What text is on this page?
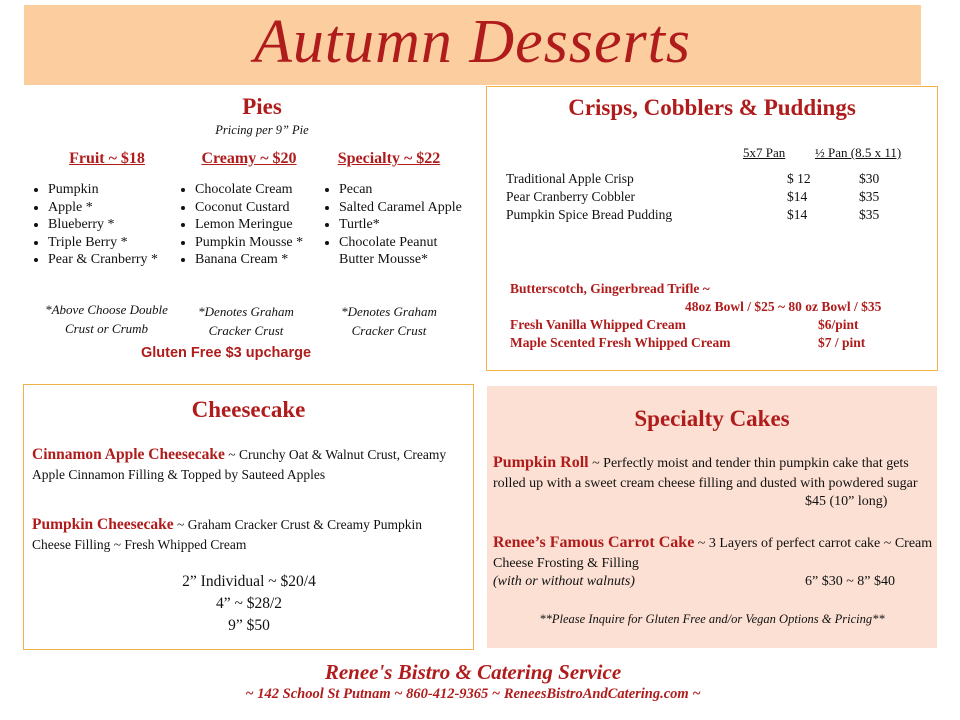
Autumn Desserts
Pies
Pricing per 9” Pie
Fruit ~ $18
• Pumpkin
• Apple *
• Blueberry *
• Triple Berry *
• Pear & Cranberry *
Creamy ~ $20
• Chocolate Cream
• Coconut Custard
• Lemon Meringue
• Pumpkin Mousse *
• Banana Cream *
Specialty ~ $22
• Pecan
• Salted Caramel Apple
• Turtle*
• Chocolate Peanut Butter Mousse*
*Above Choose Double Crust or Crumb
*Denotes Graham Cracker Crust
*Denotes Graham Cracker Crust
Gluten Free $3 upcharge
Crisps, Cobblers & Puddings
5x7 Pan ½ Pan (8.5 x 11)
Traditional Apple Crisp	$ 12	$30
Pear Cranberry Cobbler	$14	$35
Pumpkin Spice Bread Pudding	$14	$35
Butterscotch, Gingerbread Trifle ~
48oz Bowl / $25 ~ 80 oz Bowl / $35
Fresh Vanilla Whipped Cream	$6/pint
Maple Scented Fresh Whipped Cream	$7 / pint
Cheesecake
Cinnamon Apple Cheesecake ~ Crunchy Oat & Walnut Crust, Creamy Apple Cinnamon Filling & Topped by Sauteed Apples
Pumpkin Cheesecake ~ Graham Cracker Crust & Creamy Pumpkin Cheese Filling ~ Fresh Whipped Cream
2” Individual ~ $20/4
4” ~ $28/2
9” $50
Specialty Cakes
Pumpkin Roll ~ Perfectly moist and tender thin pumpkin cake that gets rolled up with a sweet cream cheese filling and dusted with powdered sugar
$45 (10” long)
Renee’s Famous Carrot Cake ~ 3 Layers of perfect carrot cake ~ Cream Cheese Frosting & Filling
(with or without walnuts)	6” $30 ~ 8” $40
**Please Inquire for Gluten Free and/or Vegan Options & Pricing**
Renee's Bistro & Catering Service
~ 142 School St Putnam ~ 860-412-9365 ~ ReneesBistroAndCatering.com ~
